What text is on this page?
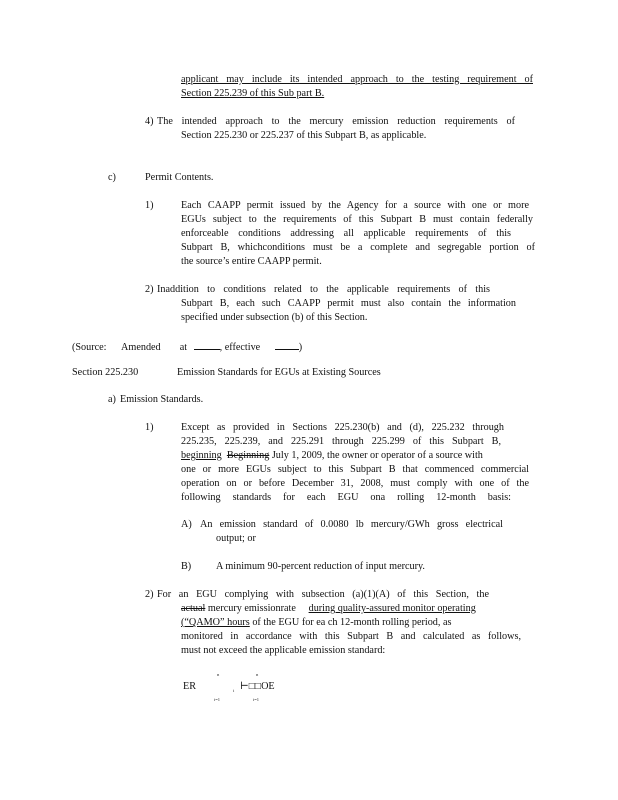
applicant may include its intended approach to the testing requirement of
Section 225.239 of this Sub part B.
4) The intended approach to the mercury emission reduction requirements of
Section 225.230 or 225.237 of this Subpart B, as applicable.
c)	Permit Contents.
1)	Each CAAPP permit issued by the Agency for a source with one or more
EGUs subject to the requirements of this Subpart B must contain federally
enforceable conditions addressing all applicable requirements of this
Subpart B, whichconditions must be a complete and segregable portion of
the source’s entire CAAPP permit.
2) Inaddition to conditions related to the applicable requirements of this
Subpart B, each such CAAPP permit must also contain the information
specified under subsection (b) of this Section.
(Source: Amended at	, effective	)
Section 225.230	Emission Standards for EGUs at Existing Sources
a) Emission Standards.
1)	Except as provided in Sections 225.230(b) and (d), 225.232 through
225.235, 225.239, and 225.291 through 225.299 of this Subpart B,
beginning Beginning July 1, 2009, the owner or operator of a source with
one or more EGUs subject to this Subpart B that commenced commercial
operation on or before December 31, 2008, must comply with one of the
following standards for each EGU ona rolling 12-month basis:
A) An emission standard of 0.0080 lb mercury/GWh gross electrical
output; or
B) A minimum 90-percent reduction of input mercury.
2) For an EGU complying with subsection (a)(1)(A) of this Section, the
actual mercury emissionrate during quality-assured monitor operating
(“QAMO” hours of the EGU for ea ch 12-month rolling period, as
monitored in accordance with this Subpart B and calculated as follows,
must not exceed the applicable emission standard:
ER
n
i=1
i ⊢□□OE
n
i=1
